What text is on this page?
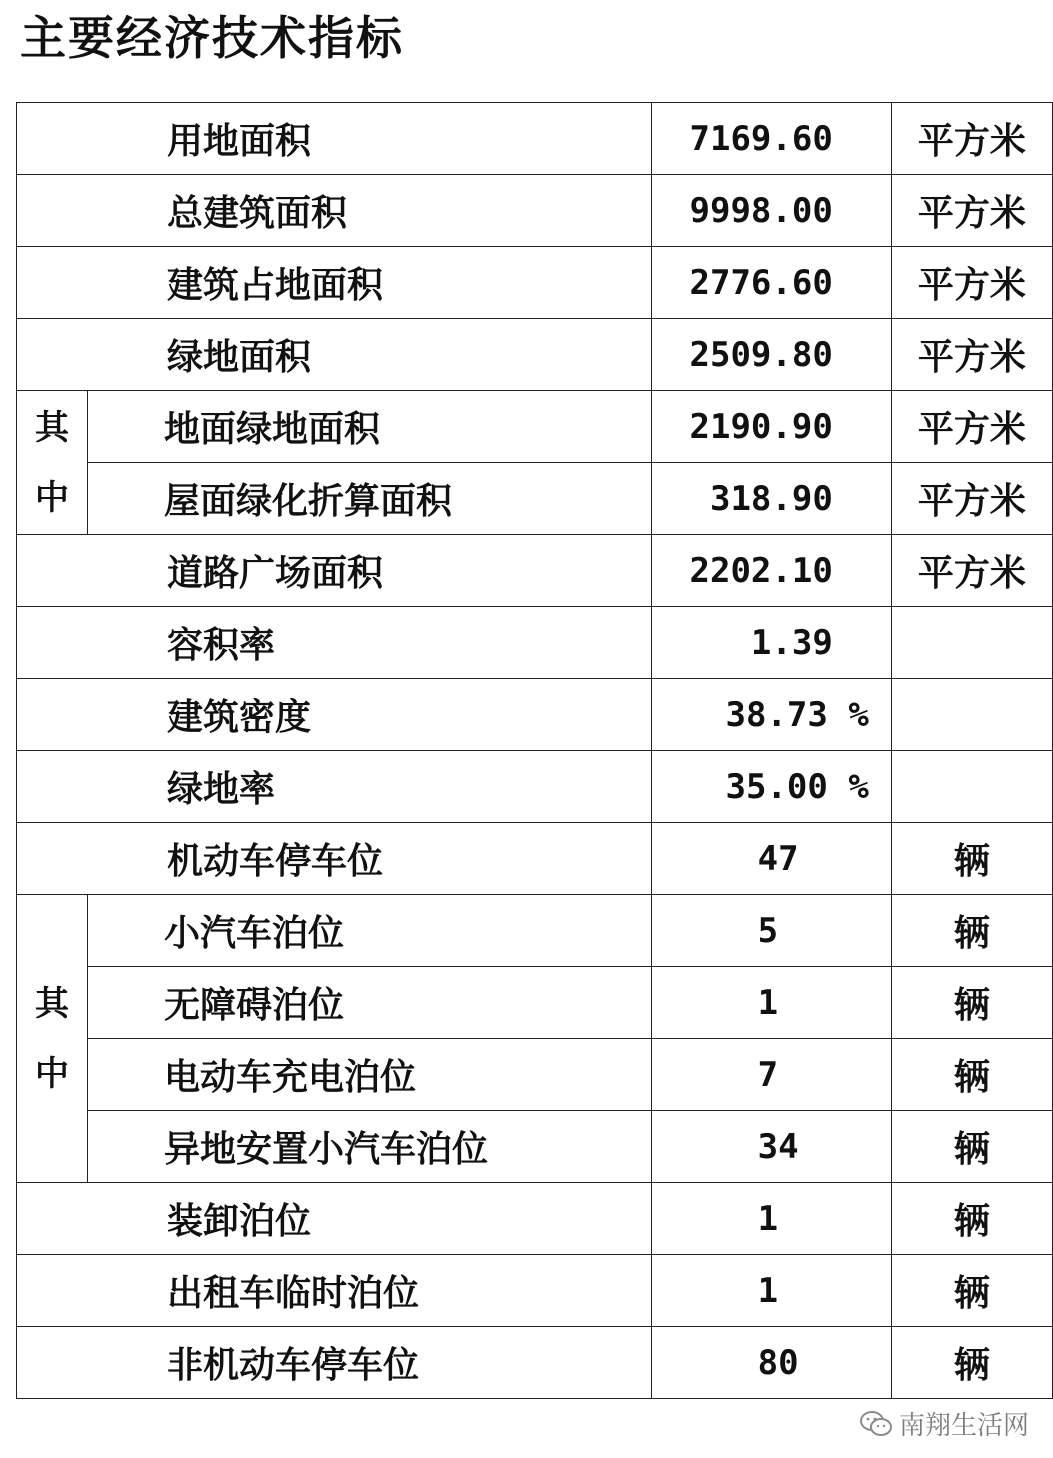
主要经济技术指标
用地面积		7169.60	平方米
总建筑面积		9998.00	平方米
建筑占地面积		2776.60	平方米
绿地面积		2509.80	平方米

其
中	地面绿地面积	2190.90	平方米
	屋面绿化折算面积	318.90	平方米
道路广场面积		2202.10	平方米
容积率		1.39	

建筑密度		38.73 %	

绿地率		35.00 %	

机动车停车位		47	辆

其
中	小汽车泊位	5	辆
	无障碍泊位	1	辆
	电动车充电泊位	7	辆
	异地安置小汽车泊位	34	辆
装卸泊位		1	辆
出租车临时泊位		1	辆
非机动车停车位		80	辆
南翔生活网
